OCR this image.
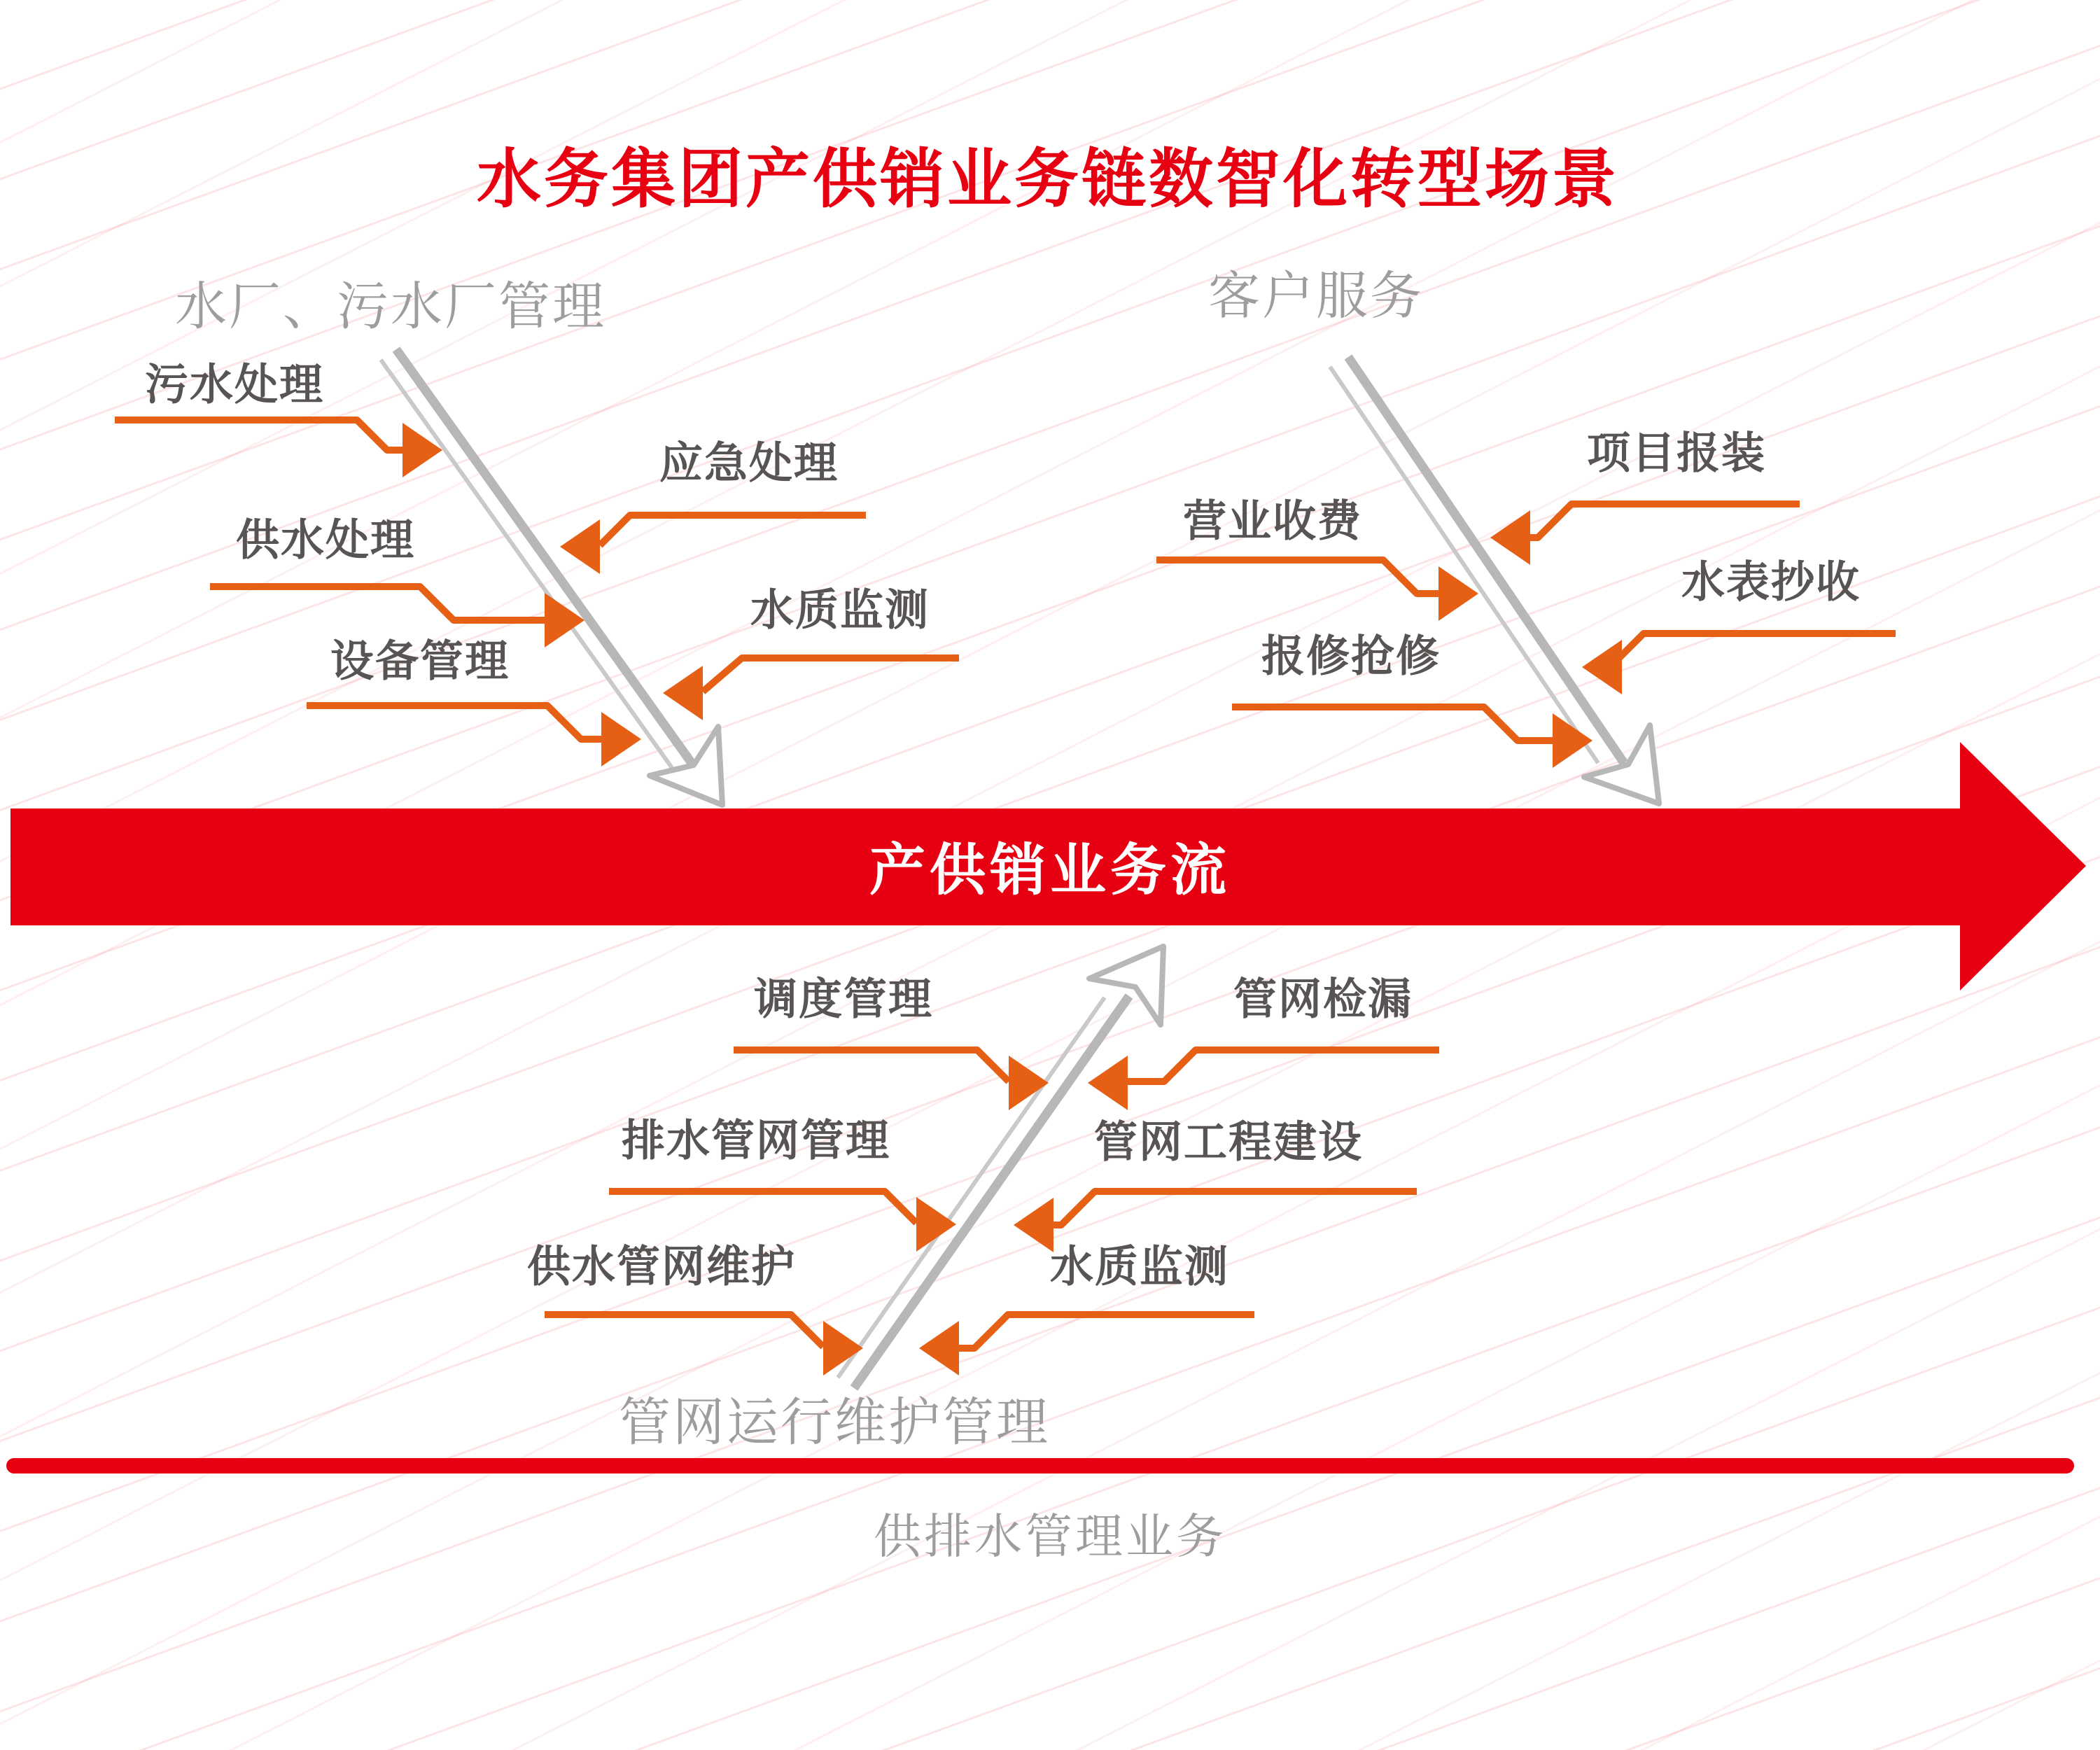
水务集团产供销业务链数智化转型场景
产供销业务流
水厂、污水厂管理
污水处理
应急处理
供水处理
水质监测
设备管理
客户服务
项目报装
营业收费
水表抄收
报修抢修
调度管理	管网检漏
排水管网管理	管网工程建设
供水管网维护	水质监测
管网运行维护管理
供排水管理业务
